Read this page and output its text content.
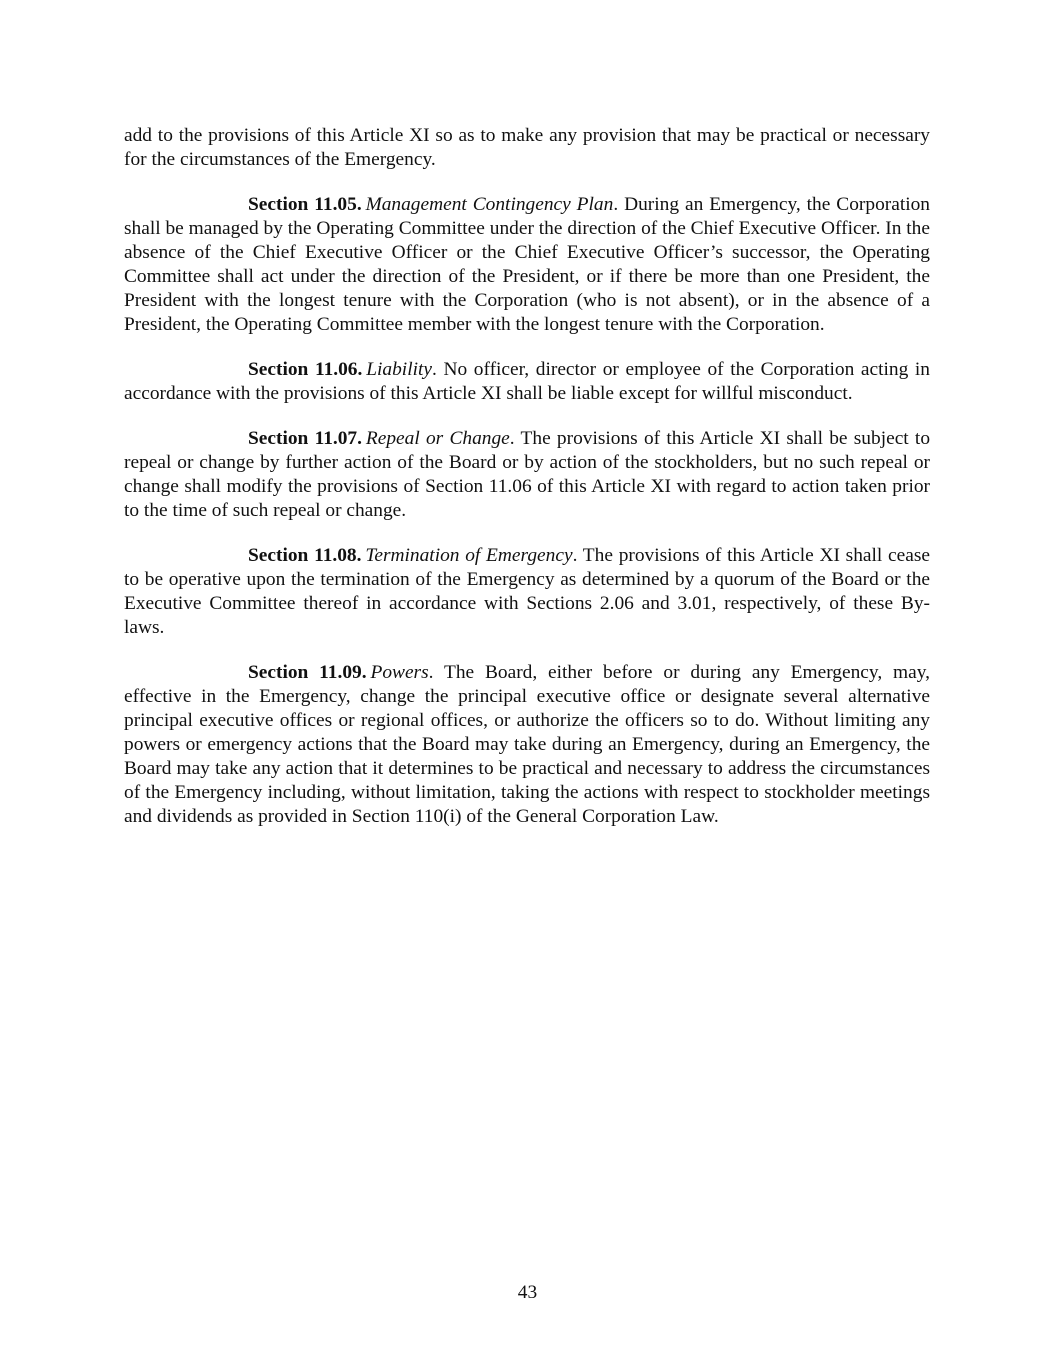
add to the provisions of this Article XI so as to make any provision that may be practical or necessary for the circumstances of the Emergency.

Section 11.05.  Management Contingency Plan. During an Emergency, the Corporation shall be managed by the Operating Committee under the direction of the Chief Executive Officer. In the absence of the Chief Executive Officer or the Chief Executive Officer’s successor, the Operating Committee shall act under the direction of the President, or if there be more than one President, the President with the longest tenure with the Corporation (who is not absent), or in the absence of a President, the Operating Committee member with the longest tenure with the Corporation.

Section 11.06.  Liability. No officer, director or employee of the Corporation acting in accordance with the provisions of this Article XI shall be liable except for willful misconduct.

Section 11.07.  Repeal or Change. The provisions of this Article XI shall be subject to repeal or change by further action of the Board or by action of the stockholders, but no such repeal or change shall modify the provisions of Section 11.06 of this Article XI with regard to action taken prior to the time of such repeal or change.

Section 11.08.  Termination of Emergency. The provisions of this Article XI shall cease to be operative upon the termination of the Emergency as determined by a quorum of the Board or the Executive Committee thereof in accordance with Sections 2.06 and 3.01, respectively, of these By-laws.

Section 11.09.  Powers. The Board, either before or during any Emergency, may, effective in the Emergency, change the principal executive office or designate several alternative principal executive offices or regional offices, or authorize the officers so to do. Without limiting any powers or emergency actions that the Board may take during an Emergency, during an Emergency, the Board may take any action that it determines to be practical and necessary to address the circumstances of the Emergency including, without limitation, taking the actions with respect to stockholder meetings and dividends as provided in Section 110(i) of the General Corporation Law.

43
